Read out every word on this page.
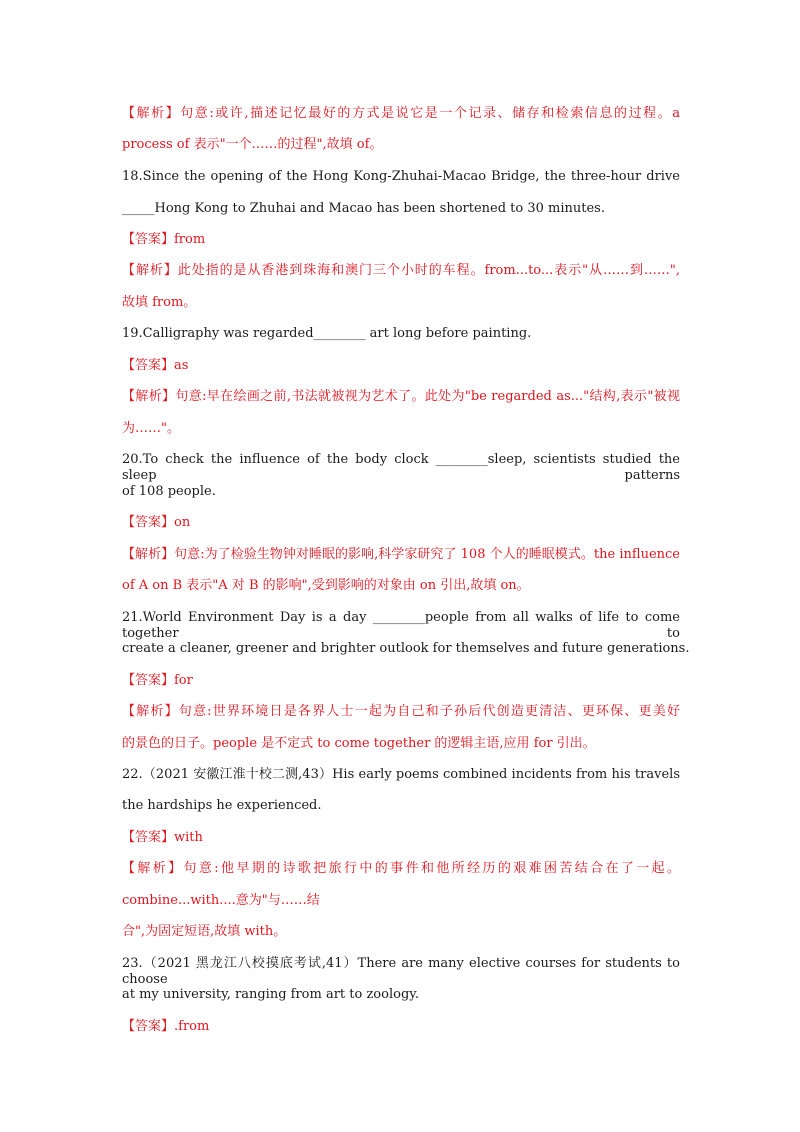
【解析】句意:或许,描述记忆最好的方式是说它是一个记录、储存和检索信息的过程。a
process of 表示"一个……的过程",故填 of。
18.Since the opening of the Hong Kong-Zhuhai-Macao Bridge, the three-hour drive
_____Hong Kong to Zhuhai and Macao has been shortened to 30 minutes.
【答案】from
【解析】此处指的是从香港到珠海和澳门三个小时的车程。from...to...表示"从……到……",
故填 from。
19.Calligraphy was regarded________ art long before painting.
【答案】as
【解析】句意:早在绘画之前,书法就被视为艺术了。此处为"be regarded as..."结构,表示"被视
为……"。
20.To check the influence of the body clock ________sleep, scientists studied the sleep patterns
of 108 people.
【答案】on
【解析】句意:为了检验生物钟对睡眠的影响,科学家研究了 108 个人的睡眠模式。the influence
of A on B 表示"A 对 B 的影响",受到影响的对象由 on 引出,故填 on。
21.World Environment Day is a day ________people from all walks of life to come together to
create a cleaner, greener and brighter outlook for themselves and future generations.
【答案】for
【解析】句意:世界环境日是各界人士一起为自己和子孙后代创造更清洁、更环保、更美好
的景色的日子。people 是不定式 to come together 的逻辑主语,应用 for 引出。
22.（2021 安徽江淮十校二测,43）His early poems combined incidents from his travels
the hardships he experienced.
【答案】with
【解析】句意:他早期的诗歌把旅行中的事件和他所经历的艰难困苦结合在了一起。
combine...with....意为"与……结
合",为固定短语,故填 with。
23.（2021 黑龙江八校摸底考试,41）There are many elective courses for students to choose
at my university, ranging from art to zoology.
【答案】.from
